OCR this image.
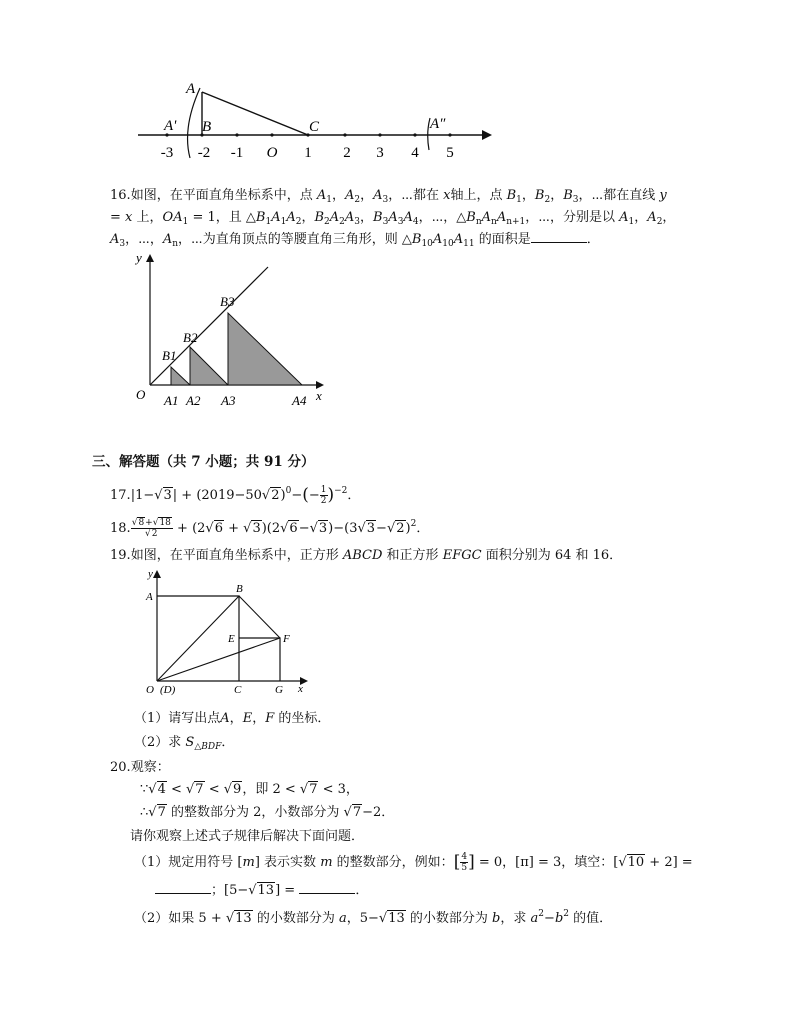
-3 -2 -1 O 1 2 3 4 5
A
A' B	C	A″
16.如图，在平面直角坐标系中，点 $A_1$，$A_2$，$A_3$，⋯都在 x轴上，点 $B_1$，$B_2$，$B_3$，⋯都在直线 y
= x 上，$OA_1 = 1$，且 $\triangle B_1A_1A_2$，$B_2A_2A_3$，$B_3A_3A_4$，⋯，$\triangle B_nA_nA_{n+1}$，⋯，分别是以 $A_1$，$A_2$，
$A_3$，⋯，$A_n$，⋯为直角顶点的等腰直角三角形，则 $\triangle B_{10}A_{10}A_{11}$ 的面积是	．
y
x
O
B1
B2
B3
A1 A2 A3	A4
三、解答题（共 7 小题；共 91 分）
$17.|1-√3| + (2019-50√2)^0-(- \frac{1}{2} )^{-2}$．
18. $\frac{√8+√18}{√2} + (2√6 + √3)(2√6-√3)-(3√3-√2)^2$．
19.如图，在平面直角坐标系中，正方形 ABCD 和正方形 EFGC 面积分别为 64 和 16．
y
x
A
B
E	F
O (D)	C	G
（1）请写出点A，E，F 的坐标．
（2）求 $S_{\triangle BDF}$．
20.观察：
∵√4 < √7 < √9，即 2 < √7 < 3，
∴√7 的整数部分为 2，小数部分为 √7−2．
请你观察上述式子规律后解决下面问题．
（1）规定用符号 [m] 表示实数 m 的整数部分，例如：[ $\frac{4}{5}$ ] = 0，[π] = 3，填空：[√10 + 2] =
；[5−√13] =	．
（2）如果 5 + √13 的小数部分为 a，5−√13 的小数部分为 b，求 $a^2-b^2$ 的值．
